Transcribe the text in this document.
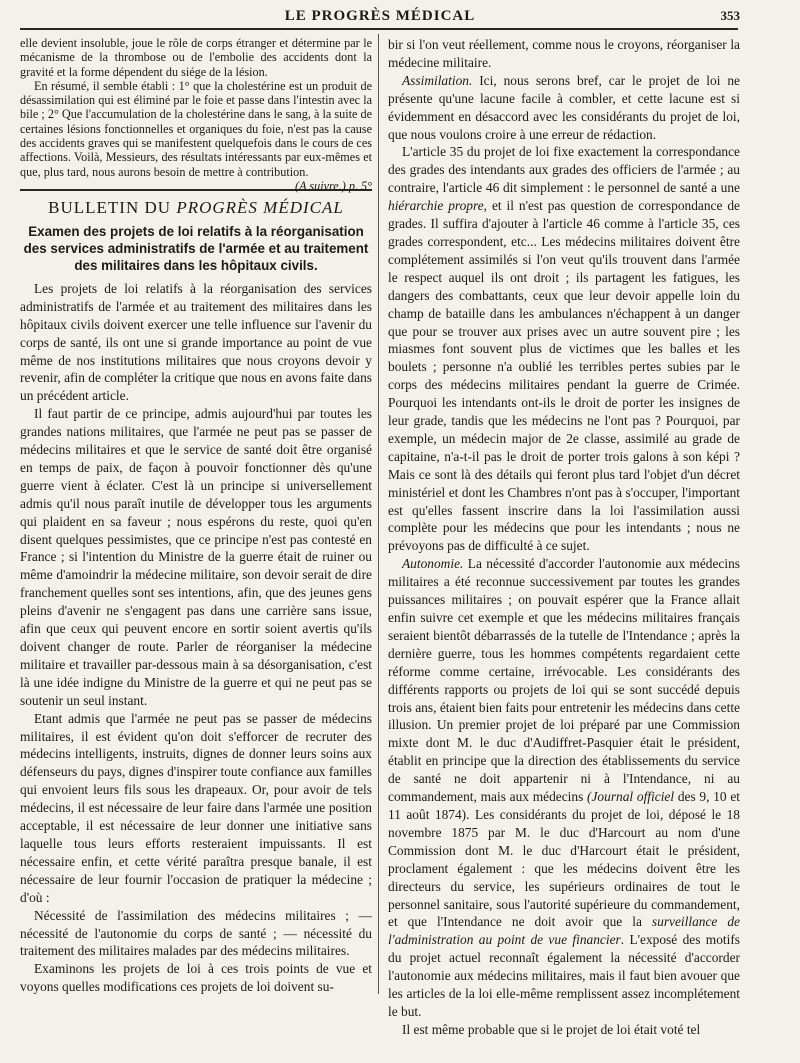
LE PROGRÈS MÉDICAL	353

elle devient insoluble, joue le rôle de corps étranger et détermine par le mécanisme de la thrombose ou de l'embolie des accidents dont la gravité et la forme dépendent du siége de la lésion.

En résumé, il semble établi : 1° que la cholestérine est un produit de désassimilation qui est éliminé par le foie et passe dans l'intestin avec la bile ; 2° Que l'accumulation de la cholestérine dans le sang, à la suite de certaines lésions fonctionnelles et organiques du foie, n'est pas la cause des accidents graves qui se manifestent quelquefois dans le cours de ces affections. Voilà, Messieurs, des résultats intéressants par eux-mêmes et que, plus tard, nous aurons besoin de mettre à contribution.
(A suivre.) p. 5°

BULLETIN DU PROGRÈS MÉDICAL
Examen des projets de loi relatifs à la réorganisation des services administratifs de l'armée et au traitement des militaires dans les hôpitaux civils.

Les projets de loi relatifs à la réorganisation des services administratifs de l'armée et au traitement des militaires dans les hôpitaux civils doivent exercer une telle influence sur l'avenir du corps de santé, ils ont une si grande importance au point de vue même de nos institutions militaires que nous croyons devoir y revenir, afin de compléter la critique que nous en avons faite dans un précédent article.

Il faut partir de ce principe, admis aujourd'hui par toutes les grandes nations militaires, que l'armée ne peut pas se passer de médecins militaires et que le service de santé doit être organisé en temps de paix, de façon à pouvoir fonctionner dès qu'une guerre vient à éclater. C'est là un principe si universellement admis qu'il nous paraît inutile de développer tous les arguments qui plaident en sa faveur ; nous espérons du reste, quoi qu'en disent quelques pessimistes, que ce principe n'est pas contesté en France ; si l'intention du Ministre de la guerre était de ruiner ou même d'amoindrir la médecine militaire, son devoir serait de dire franchement quelles sont ses intentions, afin, que des jeunes gens pleins d'avenir ne s'engagent pas dans une carrière sans issue, afin que ceux qui peuvent encore en sortir soient avertis qu'ils doivent changer de route. Parler de réorganiser la médecine militaire et travailler par-dessous main à sa désorganisation, c'est là une idée indigne du Ministre de la guerre et qui ne peut pas se soutenir un seul instant.

Etant admis que l'armée ne peut pas se passer de médecins militaires, il est évident qu'on doit s'efforcer de recruter des médecins intelligents, instruits, dignes de donner leurs soins aux défenseurs du pays, dignes d'inspirer toute confiance aux familles qui envoient leurs fils sous les drapeaux. Or, pour avoir de tels médecins, il est nécessaire de leur faire dans l'armée une position acceptable, il est nécessaire de leur donner une initiative sans laquelle tous leurs efforts resteraient impuissants. Il est nécessaire enfin, et cette vérité paraîtra presque banale, il est nécessaire de leur fournir l'occasion de pratiquer la médecine ; d'où :

Nécessité de l'assimilation des médecins militaires ; — nécessité de l'autonomie du corps de santé ; — nécessité du traitement des militaires malades par des médecins militaires.

Examinons les projets de loi à ces trois points de vue et voyons quelles modifications ces projets de loi doivent su-

bir si l'on veut réellement, comme nous le croyons, réorganiser la médecine militaire.

Assimilation. Ici, nous serons bref, car le projet de loi ne présente qu'une lacune facile à combler, et cette lacune est si évidemment en désaccord avec les considérants du projet de loi, que nous voulons croire à une erreur de rédaction.

L'article 35 du projet de loi fixe exactement la correspondance des grades des intendants aux grades des officiers de l'armée ; au contraire, l'article 46 dit simplement : le personnel de santé a une hiérarchie propre, et il n'est pas question de correspondance de grades. Il suffira d'ajouter à l'article 46 comme à l'article 35, ces grades correspondent, etc... Les médecins militaires doivent être complétement assimilés si l'on veut qu'ils trouvent dans l'armée le respect auquel ils ont droit ; ils partagent les fatigues, les dangers des combattants, ceux que leur devoir appelle loin du champ de bataille dans les ambulances n'échappent à un danger que pour se trouver aux prises avec un autre souvent pire ; les miasmes font souvent plus de victimes que les balles et les boulets ; personne n'a oublié les terribles pertes subies par le corps des médecins militaires pendant la guerre de Crimée. Pourquoi les intendants ont-ils le droit de porter les insignes de leur grade, tandis que les médecins ne l'ont pas ? Pourquoi, par exemple, un médecin major de 2e classe, assimilé au grade de capitaine, n'a-t-il pas le droit de porter trois galons à son képi ? Mais ce sont là des détails qui feront plus tard l'objet d'un décret ministériel et dont les Chambres n'ont pas à s'occuper, l'important est qu'elles fassent inscrire dans la loi l'assimilation aussi complète pour les médecins que pour les intendants ; nous ne prévoyons pas de difficulté à ce sujet.

Autonomie. La nécessité d'accorder l'autonomie aux médecins militaires a été reconnue successivement par toutes les grandes puissances militaires ; on pouvait espérer que la France allait enfin suivre cet exemple et que les médecins militaires français seraient bientôt débarrassés de la tutelle de l'Intendance ; après la dernière guerre, tous les hommes compétents regardaient cette réforme comme certaine, irrévocable. Les considérants des différents rapports ou projets de loi qui se sont succédé depuis trois ans, étaient bien faits pour entretenir les médecins dans cette illusion. Un premier projet de loi préparé par une Commission mixte dont M. le duc d'Audiffret-Pasquier était le président, établit en principe que la direction des établissements du service de santé ne doit appartenir ni à l'Intendance, ni au commandement, mais aux médecins (Journal officiel des 9, 10 et 11 août 1874). Les considérants du projet de loi, déposé le 18 novembre 1875 par M. le duc d'Harcourt au nom d'une Commission dont M. le duc d'Harcourt était le président, proclament également : que les médecins doivent être les directeurs du service, les supérieurs ordinaires de tout le personnel sanitaire, sous l'autorité supérieure du commandement, et que l'Intendance ne doit avoir que la surveillance de l'administration au point de vue financier. L'exposé des motifs du projet actuel reconnaît également la nécessité d'accorder l'autonomie aux médecins militaires, mais il faut bien avouer que les articles de la loi elle-même remplissent assez incomplétement le but.

Il est même probable que si le projet de loi était voté tel
